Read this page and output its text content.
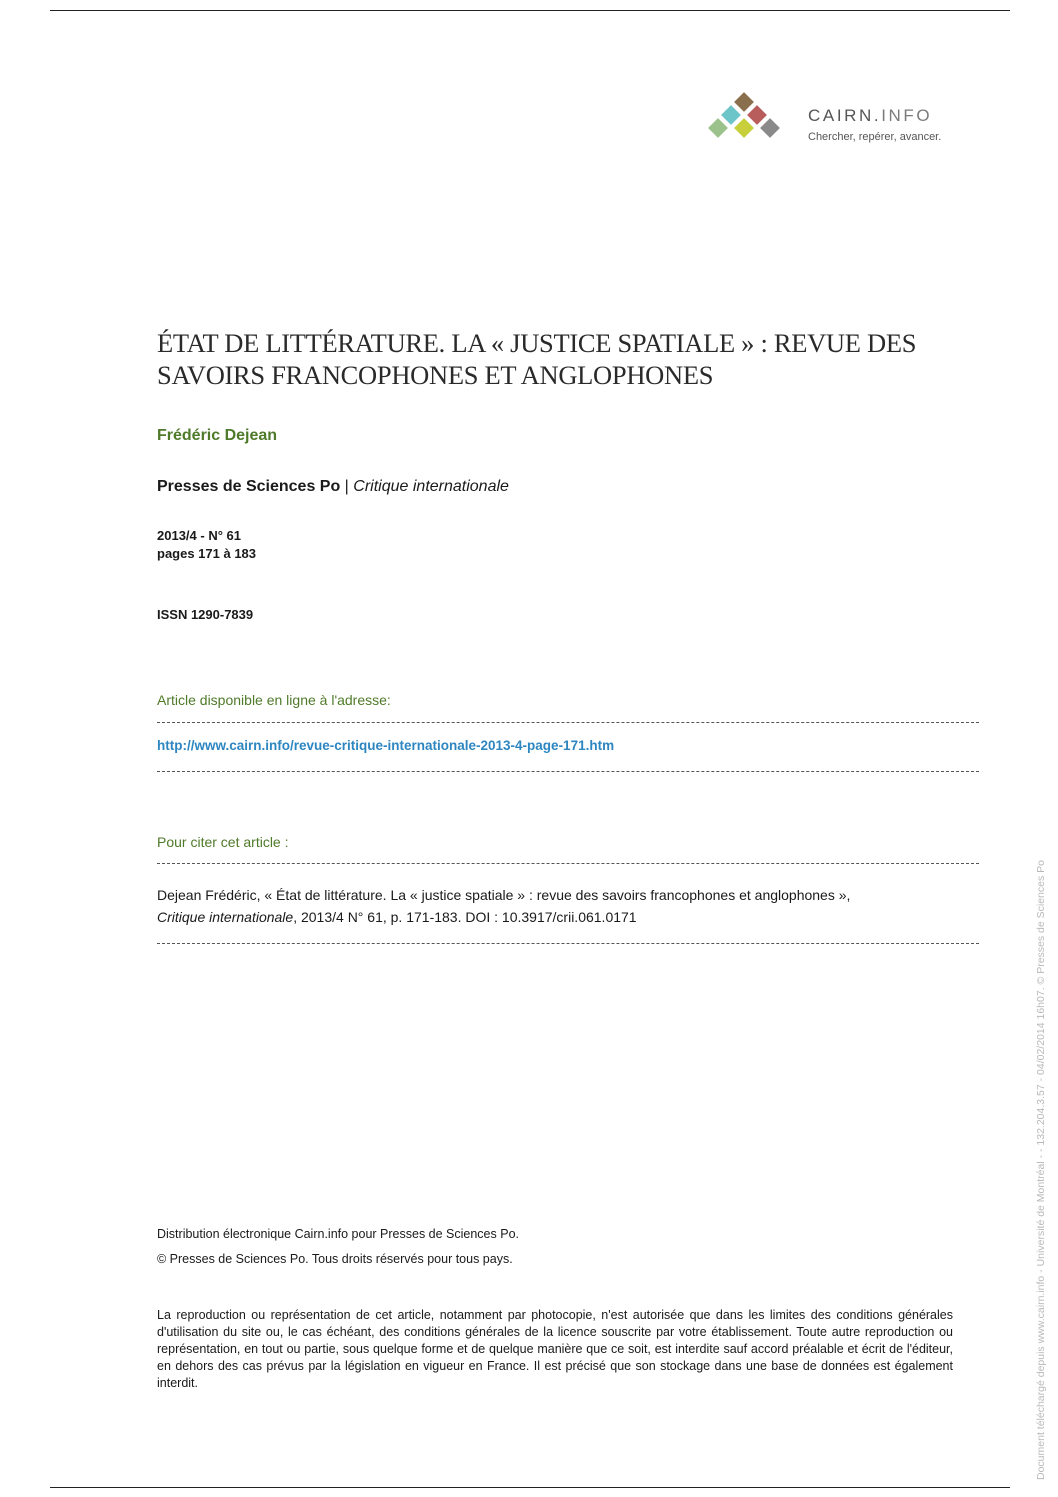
CAIRN.INFO
Chercher, repérer, avancer.
ÉTAT DE LITTÉRATURE. LA « JUSTICE SPATIALE » : REVUE DES SAVOIRS FRANCOPHONES ET ANGLOPHONES
Frédéric Dejean
Presses de Sciences Po | Critique internationale
2013/4 - N° 61
pages 171 à 183
ISSN 1290-7839
Article disponible en ligne à l'adresse:
http://www.cairn.info/revue-critique-internationale-2013-4-page-171.htm
Pour citer cet article :
Dejean Frédéric, « État de littérature. La « justice spatiale » : revue des savoirs francophones et anglophones »,
Critique internationale, 2013/4 N° 61, p. 171-183. DOI : 10.3917/crii.061.0171
Distribution électronique Cairn.info pour Presses de Sciences Po.
© Presses de Sciences Po. Tous droits réservés pour tous pays.
La reproduction ou représentation de cet article, notamment par photocopie, n'est autorisée que dans les limites des conditions générales d'utilisation du site ou, le cas échéant, des conditions générales de la licence souscrite par votre établissement. Toute autre reproduction ou représentation, en tout ou partie, sous quelque forme et de quelque manière que ce soit, est interdite sauf accord préalable et écrit de l'éditeur, en dehors des cas prévus par la législation en vigueur en France. Il est précisé que son stockage dans une base de données est également interdit.	Document téléchargé depuis www.cairn.info - Université de Montréal - - 132.204.3.57 - 04/02/2014 16h07. © Presses de Sciences Po
